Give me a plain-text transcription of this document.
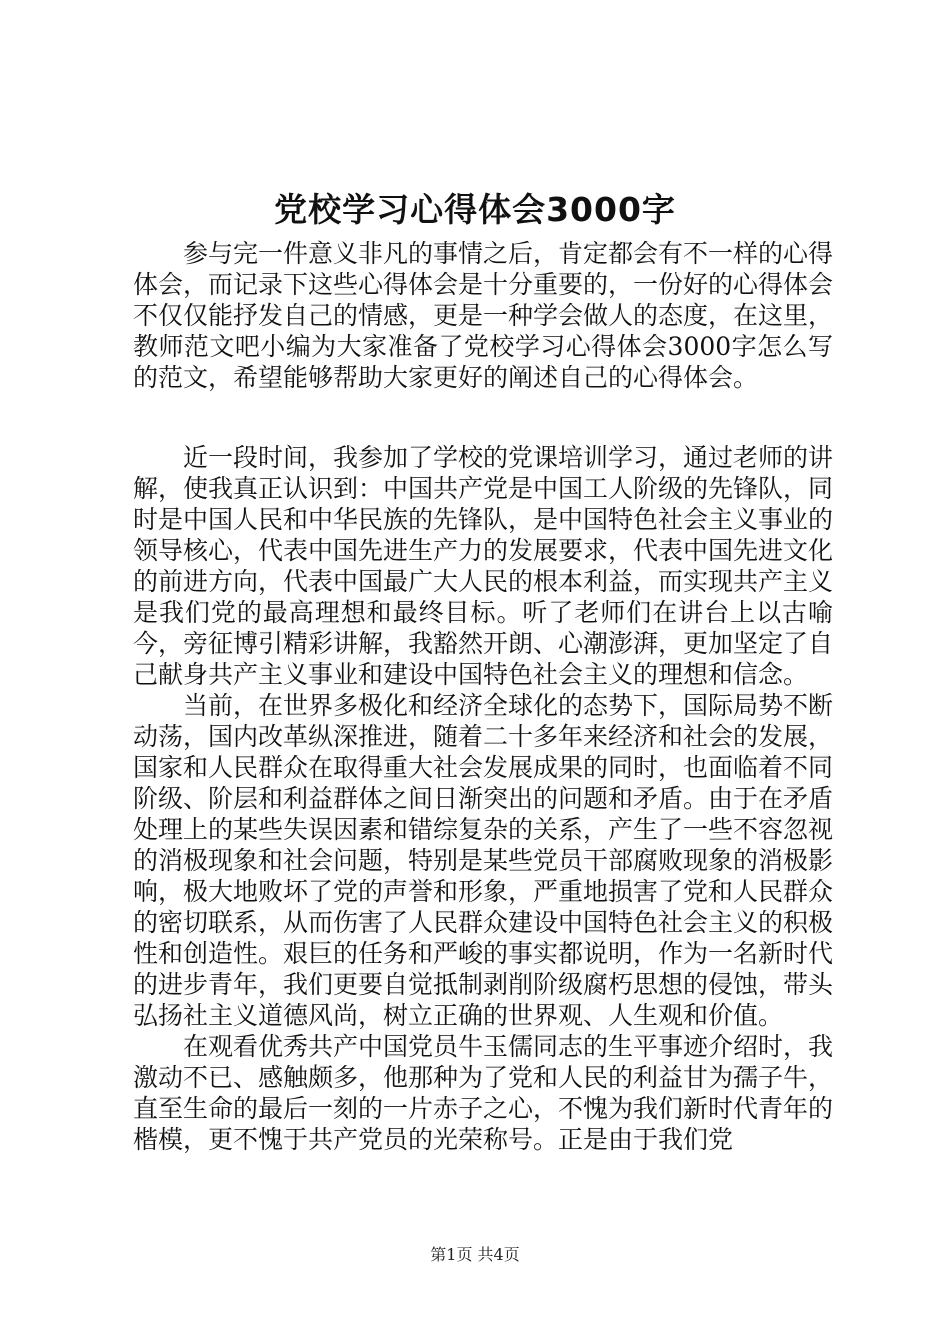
党校学习心得体会3000字

参与完一件意义非凡的事情之后，肯定都会有不一样的心得体会，而记录下这些心得体会是十分重要的，一份好的心得体会不仅仅能抒发自己的情感，更是一种学会做人的态度，在这里，教师范文吧小编为大家准备了党校学习心得体会3000字怎么写的范文，希望能够帮助大家更好的阐述自己的心得体会。

近一段时间，我参加了学校的党课培训学习，通过老师的讲解，使我真正认识到：中国共产党是中国工人阶级的先锋队，同时是中国人民和中华民族的先锋队，是中国特色社会主义事业的领导核心，代表中国先进生产力的发展要求，代表中国先进文化的前进方向，代表中国最广大人民的根本利益，而实现共产主义是我们党的最高理想和最终目标。听了老师们在讲台上以古喻今，旁征博引精彩讲解，我豁然开朗、心潮澎湃，更加坚定了自己献身共产主义事业和建设中国特色社会主义的理想和信念。

当前，在世界多极化和经济全球化的态势下，国际局势不断动荡，国内改革纵深推进，随着二十多年来经济和社会的发展，国家和人民群众在取得重大社会发展成果的同时，也面临着不同阶级、阶层和利益群体之间日渐突出的问题和矛盾。由于在矛盾处理上的某些失误因素和错综复杂的关系，产生了一些不容忽视的消极现象和社会问题，特别是某些党员干部腐败现象的消极影响，极大地败坏了党的声誉和形象，严重地损害了党和人民群众的密切联系，从而伤害了人民群众建设中国特色社会主义的积极性和创造性。艰巨的任务和严峻的事实都说明，作为一名新时代的进步青年，我们更要自觉抵制剥削阶级腐朽思想的侵蚀，带头弘扬社主义道德风尚，树立正确的世界观、人生观和价值。

在观看优秀共产中国党员牛玉儒同志的生平事迹介绍时，我激动不已、感触颇多，他那种为了党和人民的利益甘为孺子牛，直至生命的最后一刻的一片赤子之心，不愧为我们新时代青年的楷模，更不愧于共产党员的光荣称号。正是由于我们党

第1页 共4页
